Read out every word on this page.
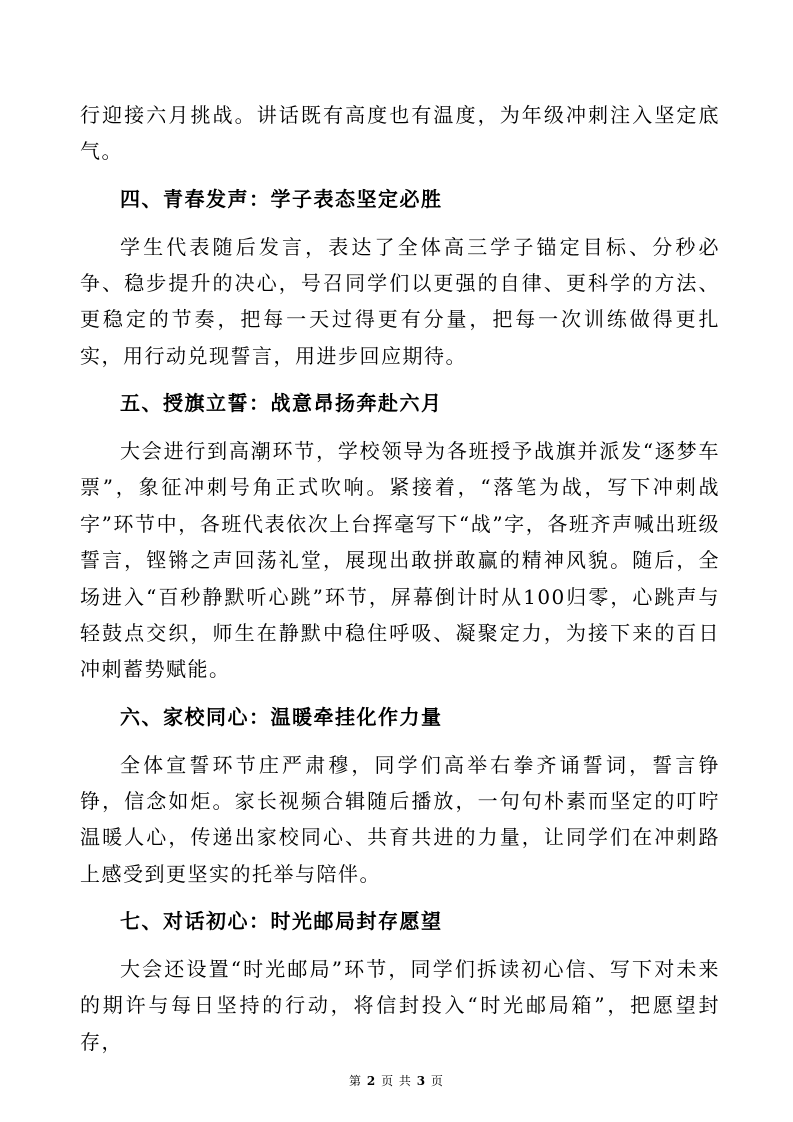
行迎接六月挑战。讲话既有高度也有温度，为年级冲刺注入坚定底气。

四、青春发声：学子表态坚定必胜

学生代表随后发言，表达了全体高三学子锚定目标、分秒必争、稳步提升的决心，号召同学们以更强的自律、更科学的方法、更稳定的节奏，把每一天过得更有分量，把每一次训练做得更扎实，用行动兑现誓言，用进步回应期待。

五、授旗立誓：战意昂扬奔赴六月

大会进行到高潮环节，学校领导为各班授予战旗并派发“逐梦车票”，象征冲刺号角正式吹响。紧接着，“落笔为战，写下冲刺战字”环节中，各班代表依次上台挥毫写下“战”字，各班齐声喊出班级誓言，铿锵之声回荡礼堂，展现出敢拼敢赢的精神风貌。随后，全场进入“百秒静默听心跳”环节，屏幕倒计时从100归零，心跳声与轻鼓点交织，师生在静默中稳住呼吸、凝聚定力，为接下来的百日冲刺蓄势赋能。

六、家校同心：温暖牵挂化作力量

全体宣誓环节庄严肃穆，同学们高举右拳齐诵誓词，誓言铮铮，信念如炬。家长视频合辑随后播放，一句句朴素而坚定的叮咛温暖人心，传递出家校同心、共育共进的力量，让同学们在冲刺路上感受到更坚实的托举与陪伴。

七、对话初心：时光邮局封存愿望

大会还设置“时光邮局”环节，同学们拆读初心信、写下对未来的期许与每日坚持的行动，将信封投入“时光邮局箱”，把愿望封存，

第 2 页 共 3 页
